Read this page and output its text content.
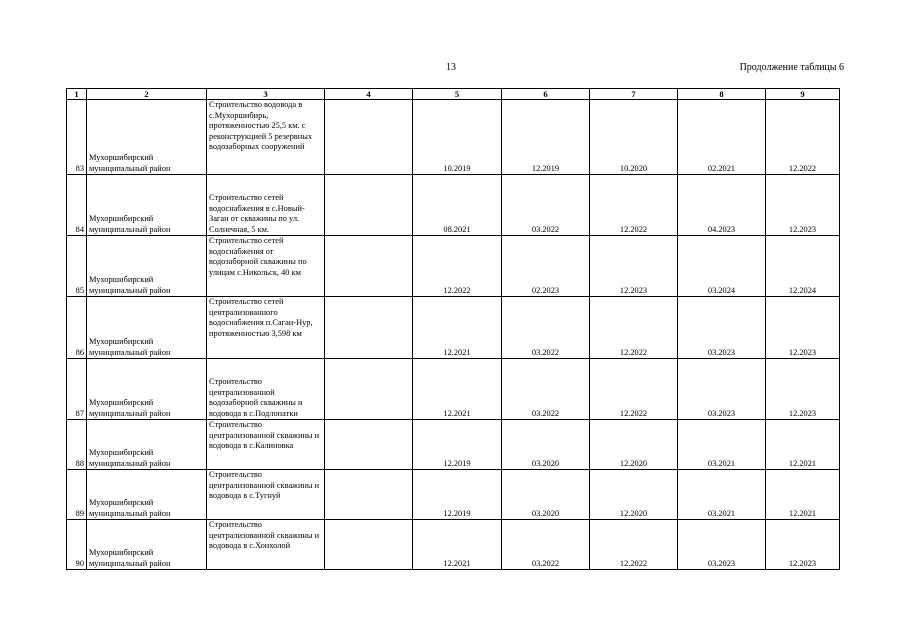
13	Продолжение таблицы 6
1	2	3	4	5	6	7	8	9
83	Мухоршибирский муниципальный район	Строительство водовода в с.Мухоршибирь, протяженностью 25,5 км. с реконструкцией 5 резервных водозаборных сооружений		10.2019	12.2019	10.2020	02.2021	12.2022
84	Мухоршибирский муниципальный район	Строительство сетей водоснабжения в с.Новый-Заган от скважины по ул. Солнечная, 5 км.		08.2021	03.2022	12.2022	04.2023	12.2023
85	Мухоршибирский муниципальный район	Строительство сетей водоснабжения от водозаборной скважины по улицам с.Никольск, 40 км		12.2022	02.2023	12.2023	03.2024	12.2024
86	Мухоршибирский муниципальный район	Строительство сетей централизованного водоснабжения п.Саган-Нур, протяженностью 3,598 км		12.2021	03.2022	12.2022	03.2023	12.2023
87	Мухоршибирский муниципальный район	Строительство централизованной водозаборной скважины и водовода в с.Подлопатки		12.2021	03.2022	12.2022	03.2023	12.2023
88	Мухоршибирский муниципальный район	Строительство централизованной скважины и водовода в с.Калиновка		12.2019	03.2020	12.2020	03.2021	12.2021
89	Мухоршибирский муниципальный район	Строительство централизованной скважины и водовода в с.Тугнуй		12.2019	03.2020	12.2020	03.2021	12.2021
90	Мухоршибирский муниципальный район	Строительство централизованной скважины и водовода в с.Хонхолой		12.2021	03.2022	12.2022	03.2023	12.2023
